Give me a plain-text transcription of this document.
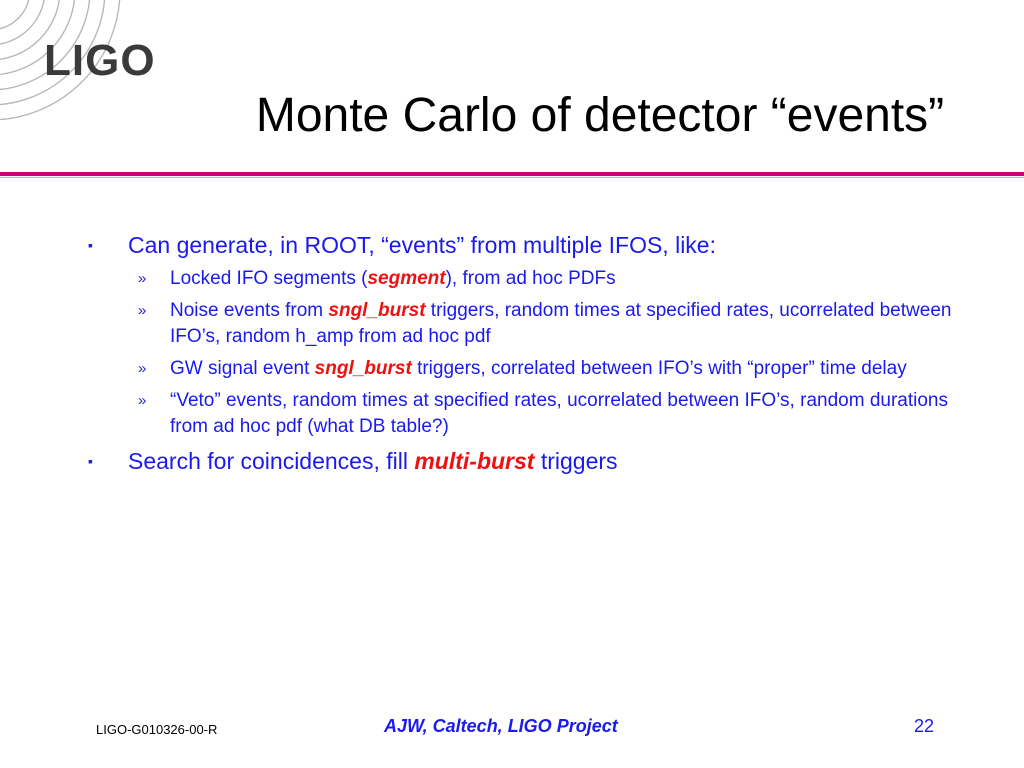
LIGO
Monte Carlo of detector “events”
▪	Can generate, in ROOT, “events” from multiple IFOS, like:
»	Locked IFO segments (segment), from ad hoc PDFs
»	Noise events from sngl_burst triggers, random times at specified rates, ucorrelated between IFO’s, random h_amp from ad hoc pdf
»	GW signal event sngl_burst triggers, correlated between IFO’s with “proper” time delay
»	“Veto” events, random times at specified rates, ucorrelated between IFO’s, random durations from ad hoc pdf (what DB table?)
▪	Search for coincidences, fill multi-burst triggers
LIGO-G010326-00-R	AJW, Caltech, LIGO Project	22
